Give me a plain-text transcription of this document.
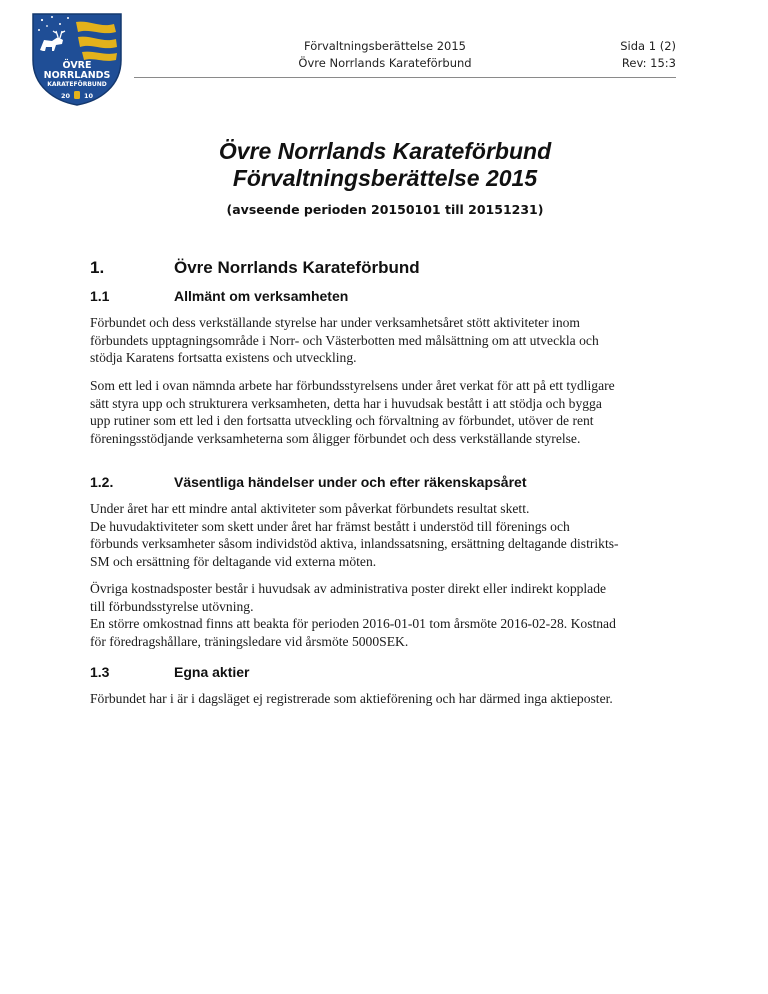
ÖVRE
NORRLANDS
KARATEFÖRBUND
20 10
Förvaltningsberättelse 2015
Övre Norrlands Karateförbund
Sida 1 (2)
Rev: 15:3
Övre Norrlands Karateförbund
Förvaltningsberättelse 2015
(avseende perioden 20150101 till 20151231)
1.	Övre Norrlands Karateförbund
1.1	Allmänt om verksamheten

Förbundet och dess verkställande styrelse har under verksamhetsåret stött aktiviteter inom

förbundets upptagningsområde i Norr- och Västerbotten med målsättning om att utveckla och

stödja Karatens fortsatta existens och utveckling.

Som ett led i ovan nämnda arbete har förbundsstyrelsens under året verkat för att på ett tydligare

sätt styra upp och strukturera verksamheten, detta har i huvudsak bestått i att stödja och bygga

upp rutiner som ett led i den fortsatta utveckling och förvaltning av förbundet, utöver de rent

föreningsstödjande verksamheterna som åligger förbundet och dess verkställande styrelse.

1.2.	Väsentliga händelser under och efter räkenskapsåret

Under året har ett mindre antal aktiviteter som påverkat förbundets resultat skett.

De huvudaktiviteter som skett under året har främst bestått i understöd till förenings och

förbunds verksamheter såsom individstöd aktiva, inlandssatsning, ersättning deltagande distrikts-

SM och ersättning för deltagande vid externa möten.

Övriga kostnadsposter består i huvudsak av administrativa poster direkt eller indirekt kopplade

till förbundsstyrelse utövning.

En större omkostnad finns att beakta för perioden 2016-01-01 tom årsmöte 2016-02-28. Kostnad

för föredragshållare, träningsledare vid årsmöte 5000SEK.

1.3	Egna aktier

Förbundet har i är i dagsläget ej registrerade som aktieförening och har därmed inga aktieposter.
